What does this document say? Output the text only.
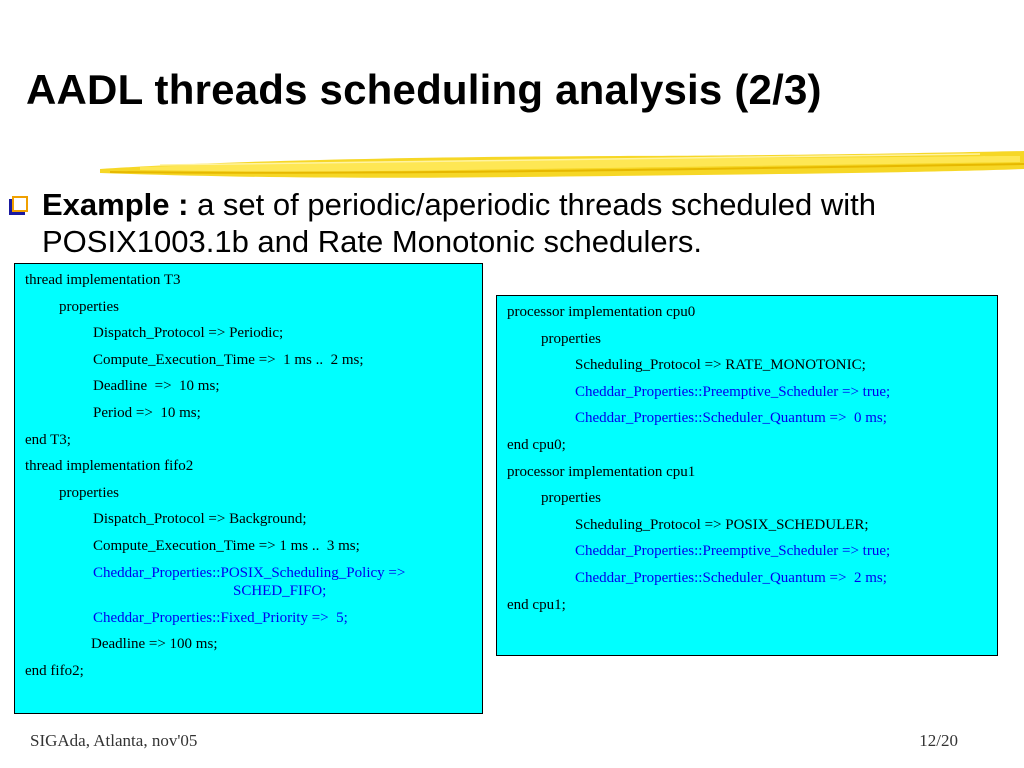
AADL threads scheduling analysis (2/3)
Example : a set of periodic/aperiodic threads scheduled with POSIX1003.1b and Rate Monotonic schedulers.
thread implementation T3
properties
Dispatch_Protocol => Periodic;
Compute_Execution_Time =>  1 ms ..  2 ms;
Deadline  =>  10 ms;
Period =>  10 ms;
end T3;
thread implementation fifo2
properties
Dispatch_Protocol => Background;
Compute_Execution_Time => 1 ms ..  3 ms;
Cheddar_Properties::POSIX_Scheduling_Policy =>
SCHED_FIFO;
Cheddar_Properties::Fixed_Priority =>  5;
Deadline => 100 ms;
end fifo2;
processor implementation cpu0
properties
Scheduling_Protocol => RATE_MONOTONIC;
Cheddar_Properties::Preemptive_Scheduler => true;
Cheddar_Properties::Scheduler_Quantum =>  0 ms;
end cpu0;
processor implementation cpu1
properties
Scheduling_Protocol => POSIX_SCHEDULER;
Cheddar_Properties::Preemptive_Scheduler => true;
Cheddar_Properties::Scheduler_Quantum =>  2 ms;
end cpu1;
SIGAda, Atlanta, nov'05	12/20
